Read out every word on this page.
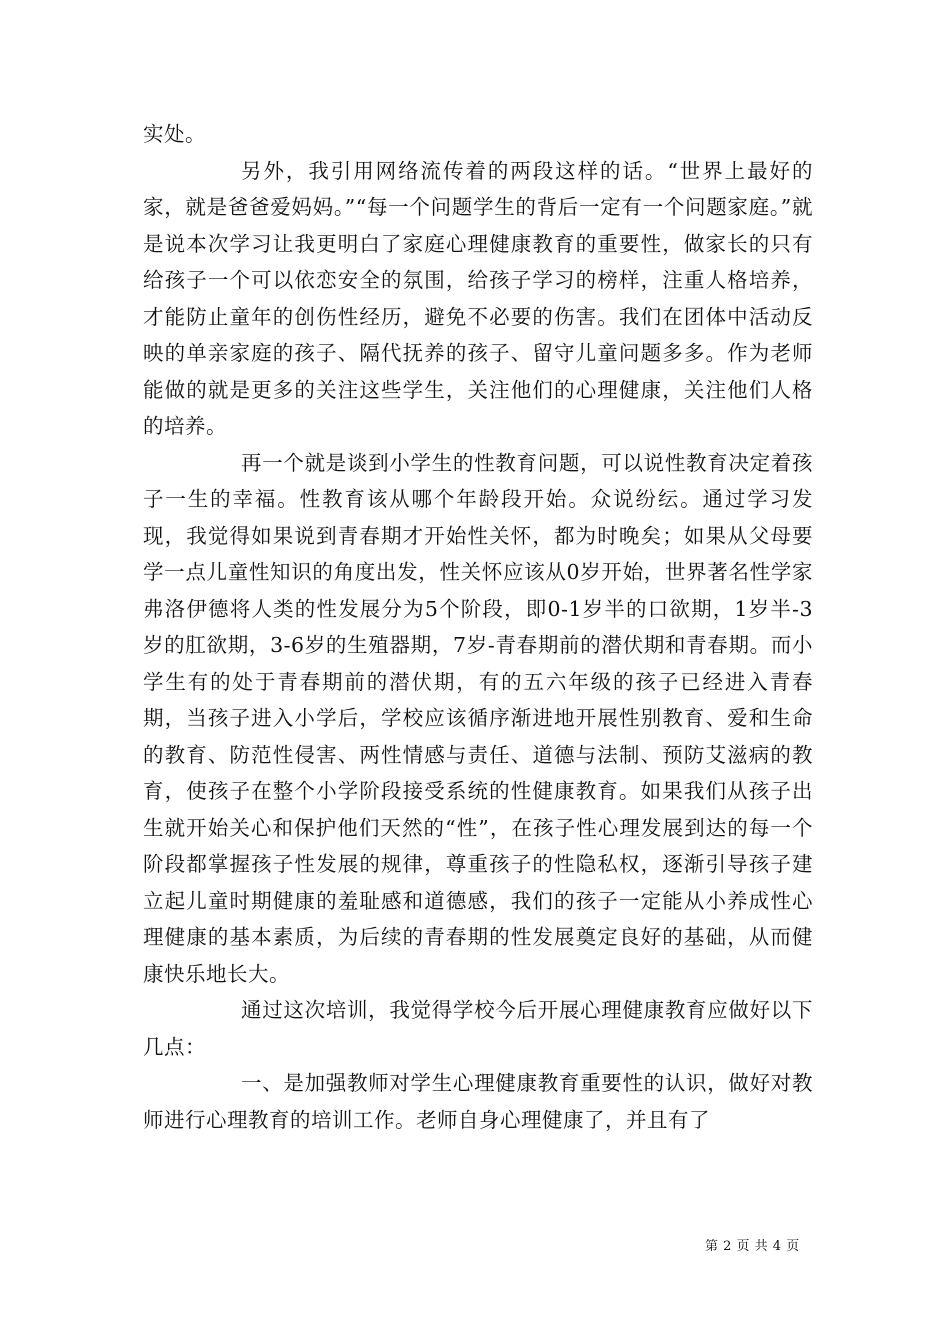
实处。

另外，我引用网络流传着的两段这样的话。“世界上最好的家，就是爸爸爱妈妈。”“每一个问题学生的背后一定有一个问题家庭。”就是说本次学习让我更明白了家庭心理健康教育的重要性，做家长的只有给孩子一个可以依恋安全的氛围，给孩子学习的榜样，注重人格培养，才能防止童年的创伤性经历，避免不必要的伤害。我们在团体中活动反映的单亲家庭的孩子、隔代抚养的孩子、留守儿童问题多多。作为老师能做的就是更多的关注这些学生，关注他们的心理健康，关注他们人格的培养。

再一个就是谈到小学生的性教育问题，可以说性教育决定着孩子一生的幸福。性教育该从哪个年龄段开始。众说纷纭。通过学习发现，我觉得如果说到青春期才开始性关怀，都为时晚矣；如果从父母要学一点儿童性知识的角度出发，性关怀应该从0岁开始，世界著名性学家弗洛伊德将人类的性发展分为5个阶段，即0-1岁半的口欲期，1岁半-3岁的肛欲期，3-6岁的生殖器期，7岁-青春期前的潜伏期和青春期。而小学生有的处于青春期前的潜伏期，有的五六年级的孩子已经进入青春期，当孩子进入小学后，学校应该循序渐进地开展性别教育、爱和生命的教育、防范性侵害、两性情感与责任、道德与法制、预防艾滋病的教育，使孩子在整个小学阶段接受系统的性健康教育。如果我们从孩子出生就开始关心和保护他们天然的“性”，在孩子性心理发展到达的每一个阶段都掌握孩子性发展的规律，尊重孩子的性隐私权，逐渐引导孩子建立起儿童时期健康的羞耻感和道德感，我们的孩子一定能从小养成性心理健康的基本素质，为后续的青春期的性发展奠定良好的基础，从而健康快乐地长大。

通过这次培训，我觉得学校今后开展心理健康教育应做好以下几点：

一、是加强教师对学生心理健康教育重要性的认识，做好对教师进行心理教育的培训工作。老师自身心理健康了，并且有了

第 2 页 共 4 页
